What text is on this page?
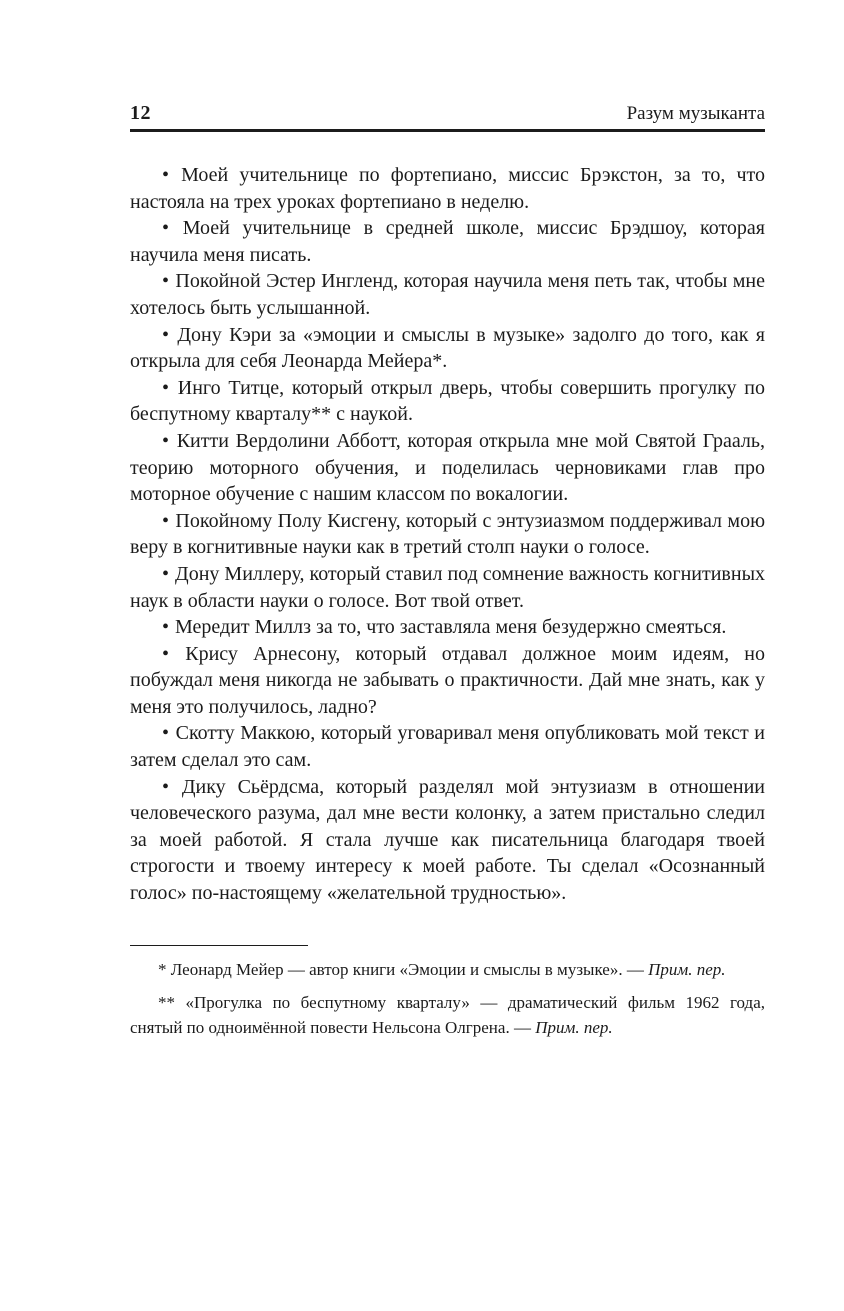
12	Разум музыканта

• Моей учительнице по фортепиано, миссис Брэкстон, за то, что настояла на трех уроках фортепиано в неделю.

• Моей учительнице в средней школе, миссис Брэдшоу, которая научила меня писать.

• Покойной Эстер Ингленд, которая научила меня петь так, чтобы мне хотелось быть услышанной.

• Дону Кэри за «эмоции и смыслы в музыке» задолго до того, как я открыла для себя Леонарда Мейера*.

• Инго Титце, который открыл дверь, чтобы совершить прогулку по беспутному кварталу** с наукой.

• Китти Вердолини Абботт, которая открыла мне мой Святой Грааль, теорию моторного обучения, и поделилась черновиками глав про моторное обучение с нашим классом по вокалогии.

• Покойному Полу Кисгену, который с энтузиазмом поддерживал мою веру в когнитивные науки как в третий столп науки о голосе.

• Дону Миллеру, который ставил под сомнение важность когнитивных наук в области науки о голосе. Вот твой ответ.

• Мередит Миллз за то, что заставляла меня безудержно смеяться.

• Крису Арнесону, который отдавал должное моим идеям, но побуждал меня никогда не забывать о практичности. Дай мне знать, как у меня это получилось, ладно?

• Скотту Маккою, который уговаривал меня опубликовать мой текст и затем сделал это сам.

• Дику Сьёрдсма, который разделял мой энтузиазм в отношении человеческого разума, дал мне вести колонку, а затем пристально следил за моей работой. Я стала лучше как писательница благодаря твоей строгости и твоему интересу к моей работе. Ты сделал «Осознанный голос» по-настоящему «желательной трудностью».

* Леонард Мейер — автор книги «Эмоции и смыслы в музыке». — Прим. пер.

** «Прогулка по беспутному кварталу» — драматический фильм 1962 года, снятый по одноимённой повести Нельсона Олгрена. — Прим. пер.
